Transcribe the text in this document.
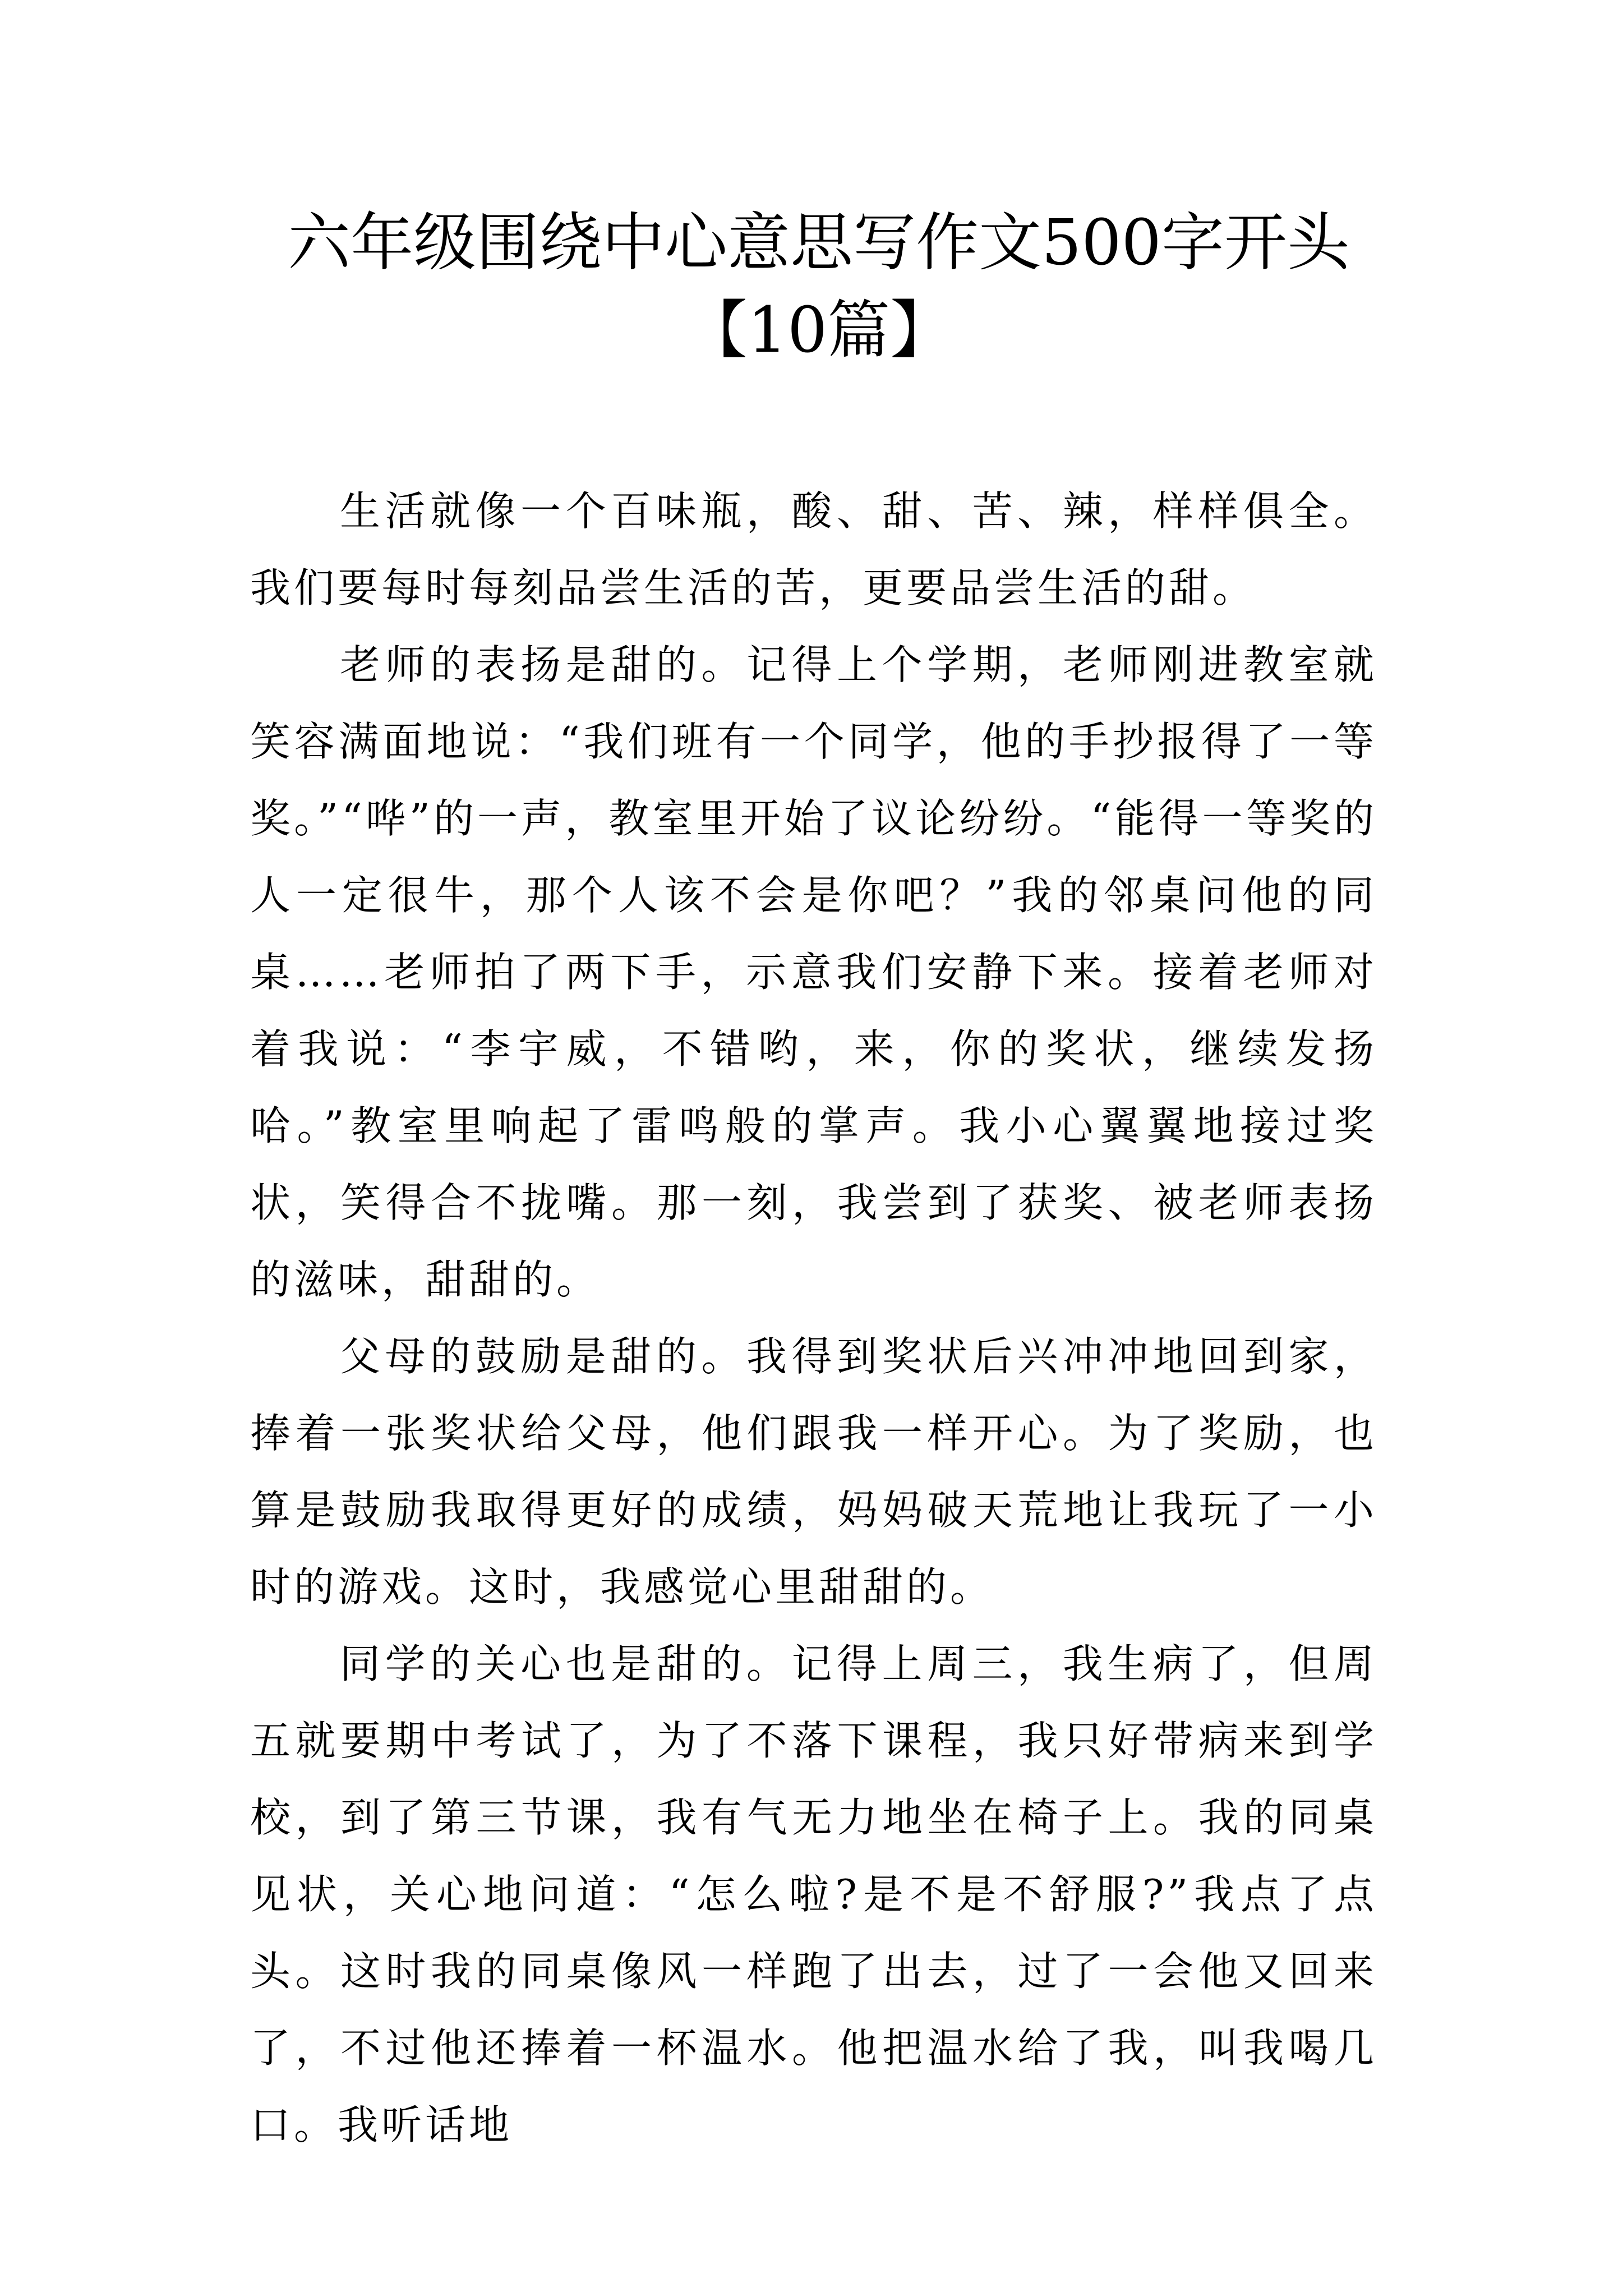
六年级围绕中心意思写作文500字开头【10篇】

生活就像一个百味瓶，酸、甜、苦、辣，样样俱全。我们要每时每刻品尝生活的苦，更要品尝生活的甜。

老师的表扬是甜的。记得上个学期，老师刚进教室就笑容满面地说：“我们班有一个同学，他的手抄报得了一等奖。”“哗”的一声，教室里开始了议论纷纷。“能得一等奖的人一定很牛，那个人该不会是你吧？”我的邻桌问他的同桌……老师拍了两下手，示意我们安静下来。接着老师对着我说：“李宇威，不错哟，来，你的奖状，继续发扬哈。”教室里响起了雷鸣般的掌声。我小心翼翼地接过奖状，笑得合不拢嘴。那一刻，我尝到了获奖、被老师表扬的滋味，甜甜的。

父母的鼓励是甜的。我得到奖状后兴冲冲地回到家，捧着一张奖状给父母，他们跟我一样开心。为了奖励，也算是鼓励我取得更好的成绩，妈妈破天荒地让我玩了一小时的游戏。这时，我感觉心里甜甜的。

同学的关心也是甜的。记得上周三，我生病了，但周五就要期中考试了，为了不落下课程，我只好带病来到学校，到了第三节课，我有气无力地坐在椅子上。我的同桌见状，关心地问道：“怎么啦?是不是不舒服?”我点了点头。这时我的同桌像风一样跑了出去，过了一会他又回来了，不过他还捧着一杯温水。他把温水给了我，叫我喝几口。我听话地
